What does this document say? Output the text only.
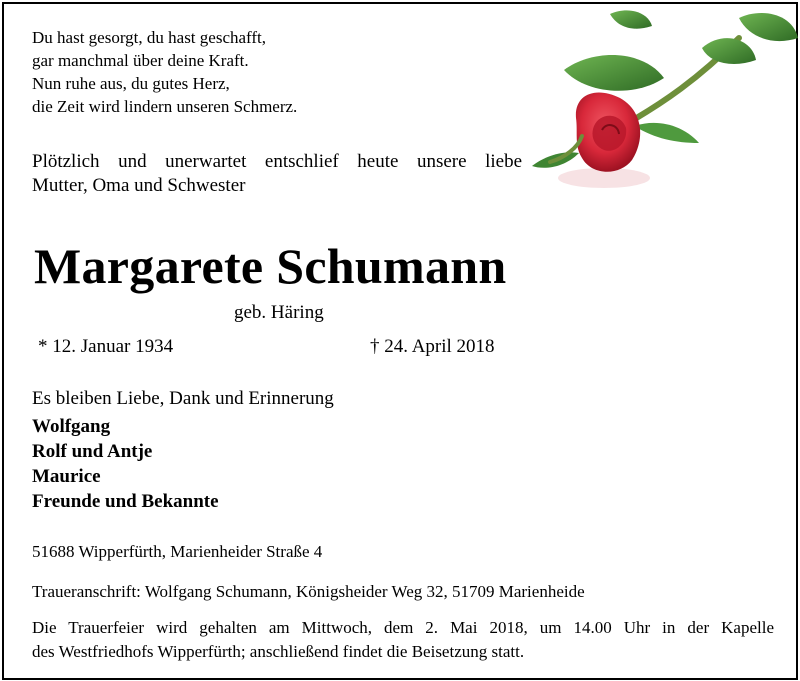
Du hast gesorgt, du hast geschafft,
gar manchmal über deine Kraft.
Nun ruhe aus, du gutes Herz,
die Zeit wird lindern unseren Schmerz.
Plötzlich und unerwartet entschlief heute unsere liebe
Mutter, Oma und Schwester
Margarete Schumann
geb. Häring
* 12. Januar 1934	† 24. April 2018
Es bleiben Liebe, Dank und Erinnerung
Wolfgang
Rolf und Antje
Maurice
Freunde und Bekannte
51688 Wipperfürth, Marienheider Straße 4
Traueranschrift: Wolfgang Schumann, Königsheider Weg 32, 51709 Marienheide
Die Trauerfeier wird gehalten am Mittwoch, dem 2. Mai 2018, um 14.00 Uhr in der Kapelle
des Westfriedhofs Wipperfürth; anschließend findet die Beisetzung statt.
